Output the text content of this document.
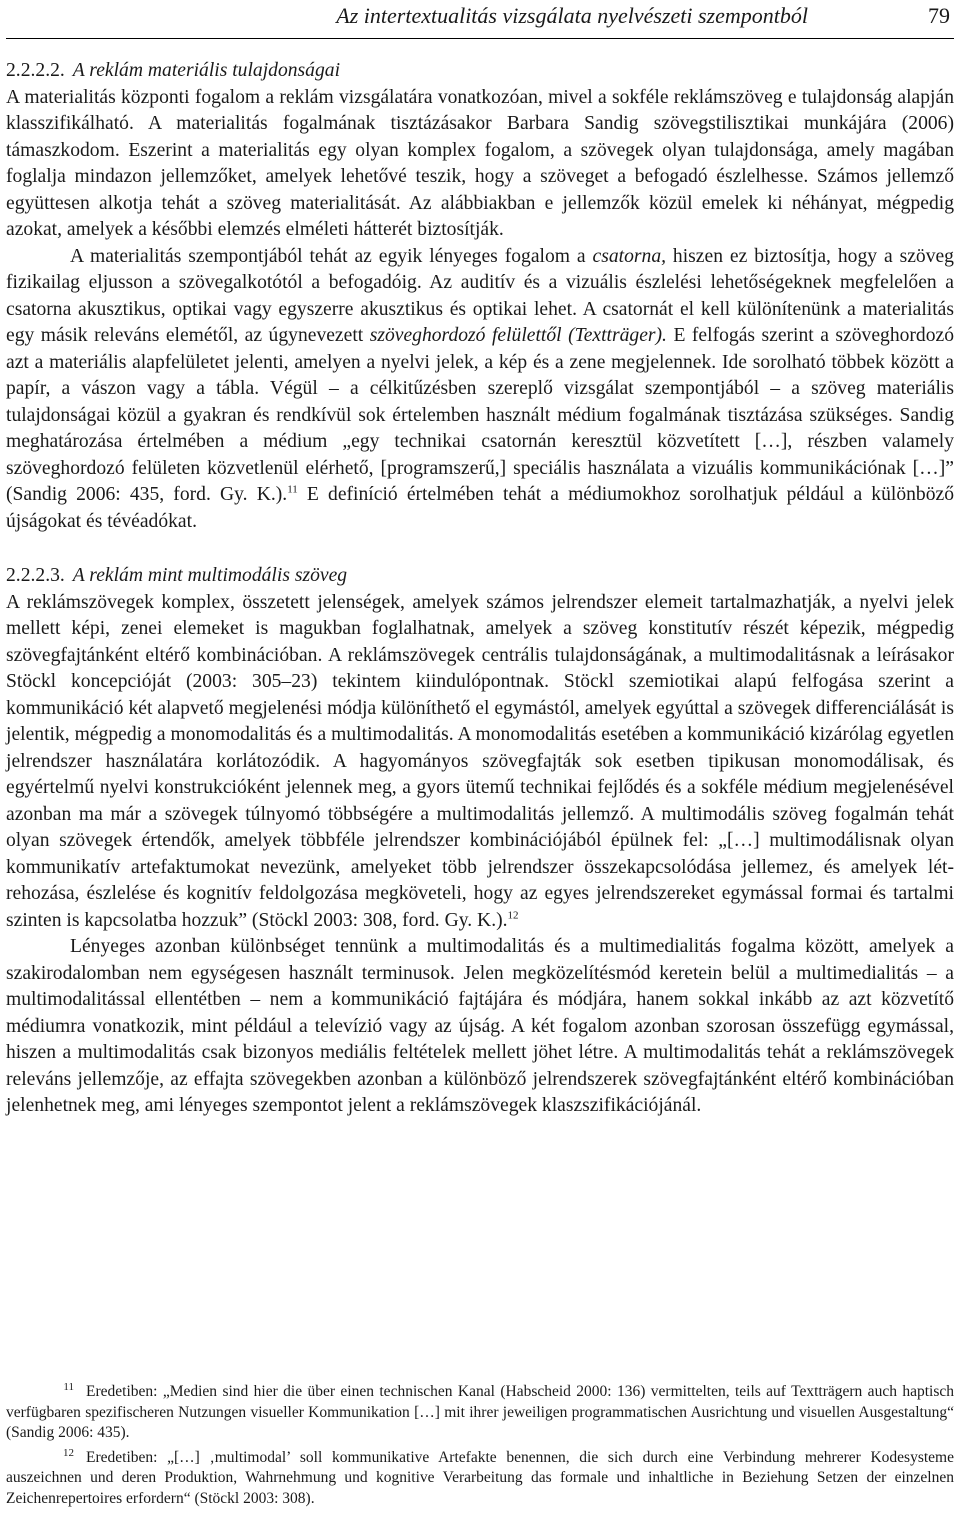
Az intertextualitás vizsgálata nyelvészeti szempontból	79
2.2.2.2. A reklám materiális tulajdonságai

A materialitás központi fogalom a reklám vizsgálatára vonatkozóan, mivel a sokféle reklámszöveg e tulajdonság alapján klasszifikálható. A materialitás fogalmának tisztázásakor Barbara Sandig szövegstilisztikai munkájára (2006) támaszkodom. Eszerint a materialitás egy olyan komplex fogalom, a szövegek olyan tulajdonsága, amely magában foglalja mindazon jellemzőket, amelyek lehetővé teszik, hogy a szöveget a befogadó észlelhesse. Számos jellemző együttesen alkotja tehát a szöveg materialitását. Az alábbiakban e jellemzők közül emelek ki néhányat, mégpedig azokat, amelyek a későbbi elemzés elméleti hátterét biztosítják.

A materialitás szempontjából tehát az egyik lényeges fogalom a csatorna, hiszen ez biztosítja, hogy a szöveg fizikailag eljusson a szövegalkotótól a befogadóig. Az auditív és a vizuális észlelési lehetőségeknek megfelelően a csatorna akusztikus, optikai vagy egyszerre akusztikus és optikai lehet. A csatornát el kell különítenünk a materialitás egy másik releváns elemétől, az úgynevezett szöveghordozó felülettől (Textträger). E felfogás szerint a szöveghordozó azt a materiális alapfelületet jelenti, amelyen a nyelvi jelek, a kép és a zene megjelennek. Ide sorolható többek között a papír, a vászon vagy a tábla. Végül – a célkitűzésben szereplő vizsgálat szempontjából – a szöveg materiális tulajdonságai közül a gyakran és rendkívül sok értelemben használt médium fogalmának tisztázása szükséges. Sandig meghatározása értelmében a médium „egy technikai csatornán keresztül közvetített […], részben valamely szöveghordozó felületen közvetlenül elérhető, [programszerű,] speciális használata a vizuális kommunikációnak […]” (Sandig 2006: 435, ford. Gy. K.).$^{11}$ E definíció értelmében tehát a médiumokhoz sorolhatjuk például a különböző újságokat és tévéadókat.

2.2.2.3. A reklám mint multimodális szöveg

A reklámszövegek komplex, összetett jelenségek, amelyek számos jelrendszer elemeit tartalmazhatják, a nyelvi jelek mellett képi, zenei elemeket is magukban foglalhatnak, amelyek a szöveg konstitutív részét képezik, mégpedig szövegfajtánként eltérő kombinációban. A reklámszövegek centrális tulajdonságának, a multimodalitásnak a leírásakor Stöckl koncepcióját (2003: 305–23) tekintem kiindulópontnak. Stöckl szemiotikai alapú felfogása szerint a kommunikáció két alapvető megjelenési módja különíthető el egymástól, amelyek egyúttal a szövegek differenciálását is jelentik, mégpedig a monomodalitás és a multimodalitás. A monomodalitás esetében a kommunikáció kizárólag egyetlen jelrendszer használatára korlátozódik. A hagyományos szövegfajták sok esetben tipikusan monomodálisak, és egyértelmű nyelvi konstrukcióként jelennek meg, a gyors ütemű technikai fejlődés és a sokféle médium megjelenésével azonban ma már a szövegek túlnyomó többségére a multimodalitás jellemző. A multimodális szöveg fogalmán tehát olyan szövegek értendők, amelyek többféle jelrendszer kombinációjából épülnek fel: „[…] multimodálisnak olyan kommunikatív artefaktumokat nevezünk, amelyeket több jelrendszer összekapcsolódása jellemez, és amelyek létrehozása, észlelése és kognitív feldolgozása megköveteli, hogy az egyes jelrendszereket egymással formai és tartalmi szinten is kapcsolatba hozzuk” (Stöckl 2003: 308, ford. Gy. K.).$^{12}$

Lényeges azonban különbséget tennünk a multimodalitás és a multimedialitás fogalma között, amelyek a szakirodalomban nem egységesen használt terminusok. Jelen megközelítésmód keretein belül a multimedialitás – a multimodalitással ellentétben – nem a kommunikáció fajtájára és módjára, hanem sokkal inkább az azt közvetítő médiumra vonatkozik, mint például a televízió vagy az újság. A két fogalom azonban szorosan összefügg egymással, hiszen a multimodalitás csak bizonyos mediális feltételek mellett jöhet létre. A multimodalitás tehát a reklámszövegek releváns jellemzője, az effajta szövegekben azonban a különböző jelrendszerek szövegfajtánként eltérő kombinációban jelenhetnek meg, ami lényeges szempontot jelent a reklámszövegek klaszszifikációjánál.

$^{11}$ Eredetiben: „Medien sind hier die über einen technischen Kanal (Habscheid 2000: 136) vermittelten, teils auf Textträgern auch haptisch verfügbaren spezifischeren Nutzungen visueller Kommunikation […] mit ihrer jeweiligen programmatischen Ausrichtung und visuellen Ausgestaltung“ (Sandig 2006: 435).

$^{12}$ Eredetiben: „[…] ‚multimodal’ soll kommunikative Artefakte benennen, die sich durch eine Verbindung mehrerer Kodesysteme auszeichnen und deren Produktion, Wahrnehmung und kognitive Verarbeitung das formale und inhaltliche in Beziehung Setzen der einzelnen Zeichenrepertoires erfordern“ (Stöckl 2003: 308).
